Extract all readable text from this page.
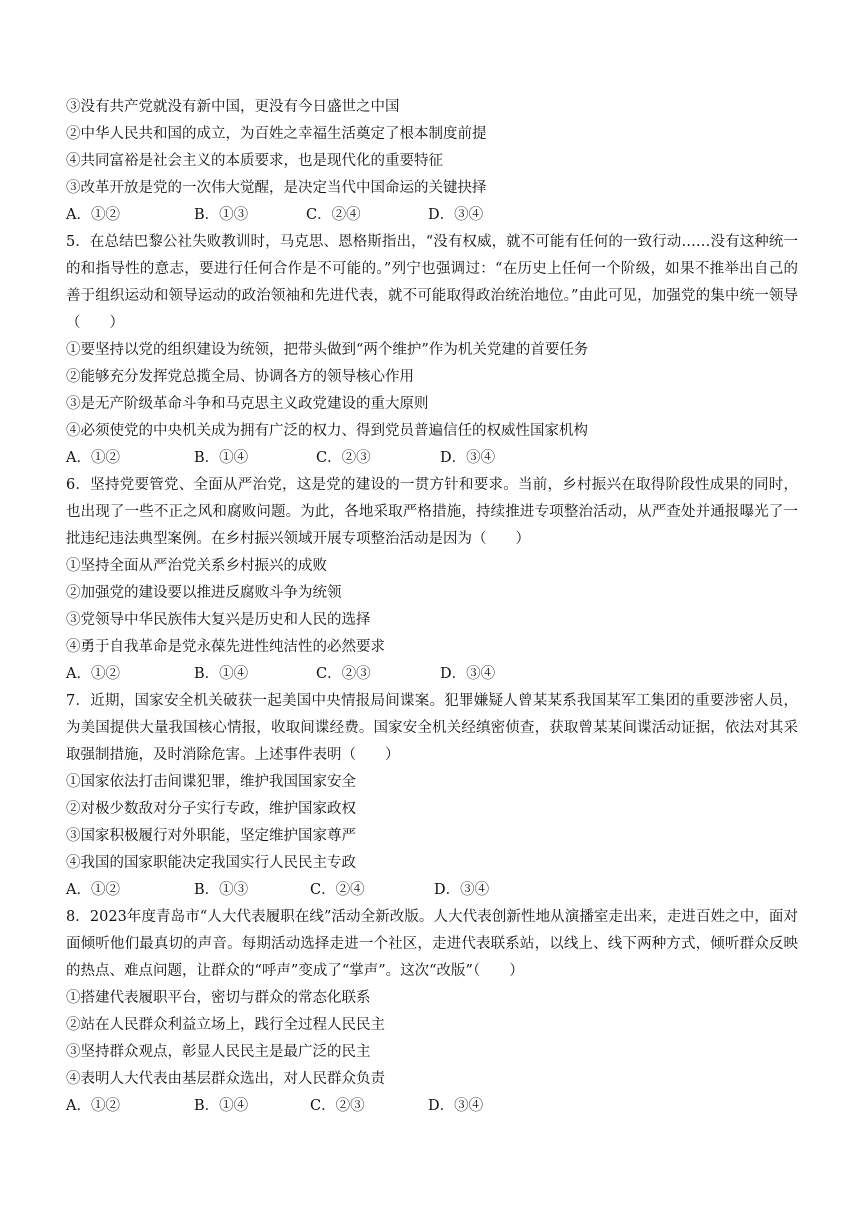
③没有共产党就没有新中国，更没有今日盛世之中国
②中华人民共和国的成立，为百姓之幸福生活奠定了根本制度前提
④共同富裕是社会主义的本质要求，也是现代化的重要特征
③改革开放是党的一次伟大觉醒，是决定当代中国命运的关键抉择
A．①②	B．①③	C．②④	D．③④
5．在总结巴黎公社失败教训时，马克思、恩格斯指出，“没有权威，就不可能有任何的一致行动……没有这种统一的和指导性的意志，要进行任何合作是不可能的。”列宁也强调过：“在历史上任何一个阶级，如果不推举出自己的善于组织运动和领导运动的政治领袖和先进代表，就不可能取得政治统治地位。”由此可见，加强党的集中统一领导（　　）
①要坚持以党的组织建设为统领，把带头做到“两个维护”作为机关党建的首要任务
②能够充分发挥党总揽全局、协调各方的领导核心作用
③是无产阶级革命斗争和马克思主义政党建设的重大原则
④必须使党的中央机关成为拥有广泛的权力、得到党员普遍信任的权威性国家机构
A．①②	B．①④	C．②③	D．③④
6．坚持党要管党、全面从严治党，这是党的建设的一贯方针和要求。当前，乡村振兴在取得阶段性成果的同时，也出现了一些不正之风和腐败问题。为此，各地采取严格措施，持续推进专项整治活动，从严查处并通报曝光了一批违纪违法典型案例。在乡村振兴领域开展专项整治活动是因为（　　）
①坚持全面从严治党关系乡村振兴的成败
②加强党的建设要以推进反腐败斗争为统领
③党领导中华民族伟大复兴是历史和人民的选择
④勇于自我革命是党永葆先进性纯洁性的必然要求
A．①②	B．①④	C．②③	D．③④
7．近期，国家安全机关破获一起美国中央情报局间谍案。犯罪嫌疑人曾某某系我国某军工集团的重要涉密人员，为美国提供大量我国核心情报，收取间谍经费。国家安全机关经缜密侦查，获取曾某某间谍活动证据，依法对其采取强制措施，及时消除危害。上述事件表明（　　）
①国家依法打击间谍犯罪，维护我国国家安全
②对极少数敌对分子实行专政，维护国家政权
③国家积极履行对外职能，坚定维护国家尊严
④我国的国家职能决定我国实行人民民主专政
A．①②	B．①③	C．②④	D．③④
8．2023年度青岛市“人大代表履职在线”活动全新改版。人大代表创新性地从演播室走出来，走进百姓之中，面对面倾听他们最真切的声音。每期活动选择走进一个社区，走进代表联系站，以线上、线下两种方式，倾听群众反映的热点、难点问题，让群众的“呼声”变成了“掌声”。这次“改版”（　　）
①搭建代表履职平台，密切与群众的常态化联系
②站在人民群众利益立场上，践行全过程人民民主
③坚持群众观点，彰显人民民主是最广泛的民主
④表明人大代表由基层群众选出，对人民群众负责
A．①②	B．①④	C．②③	D．③④
